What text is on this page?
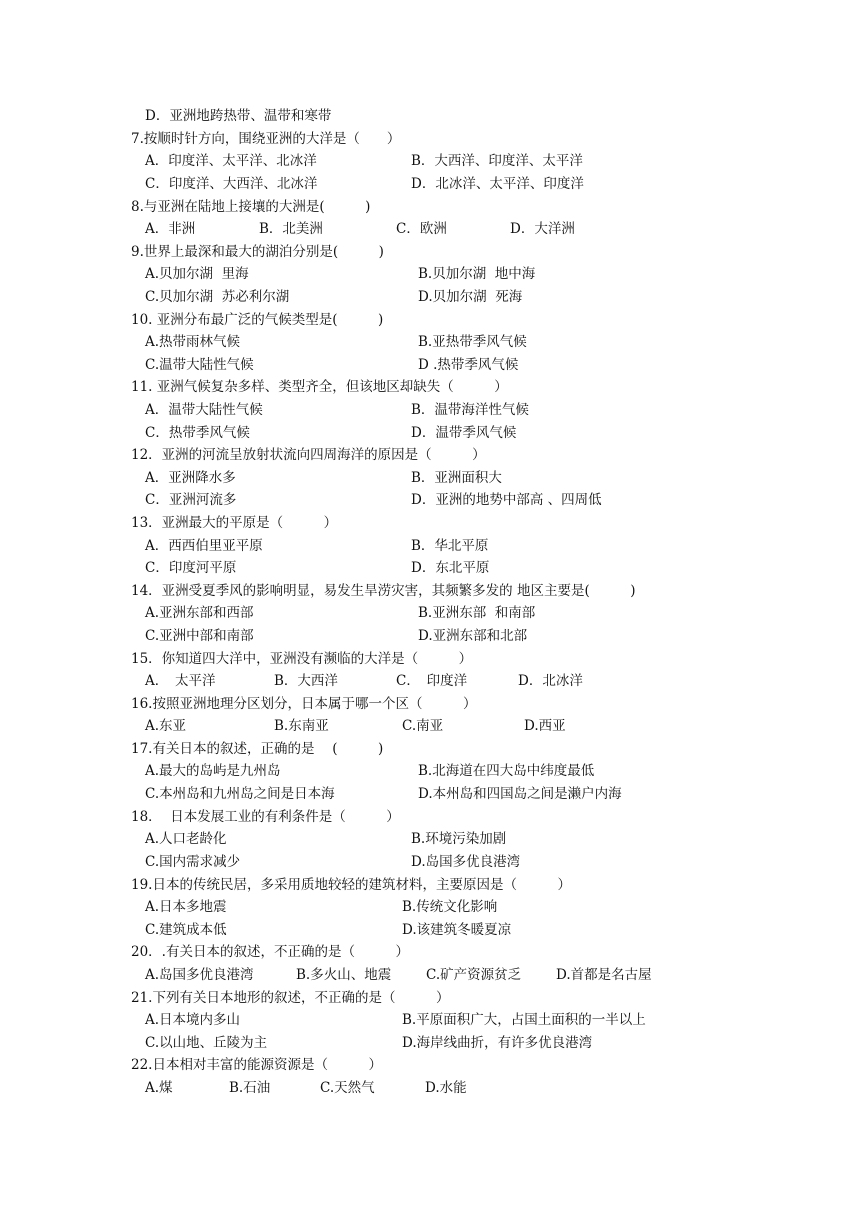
D．亚洲地跨热带、温带和寒带
7.按顺时针方向，围绕亚洲的大洋是（　　）
A．印度洋、太平洋、北冰洋	B．大西洋、印度洋、太平洋
C．印度洋、大西洋、北冰洋	D．北冰洋、太平洋、印度洋
8.与亚洲在陆地上接壤的大洲是(　　　)
A．非洲	B．北美洲	C．欧洲	D．大洋洲
9.世界上最深和最大的湖泊分别是(　　　)
A.贝加尔湖  里海	B.贝加尔湖  地中海
C.贝加尔湖  苏必利尔湖	D.贝加尔湖  死海
10. 亚洲分布最广泛的气候类型是(　　　)
A.热带雨林气候	B.亚热带季风气候
C.温带大陆性气候	D .热带季风气候
11. 亚洲气候复杂多样、类型齐全，但该地区却缺失（　　　）
A．温带大陆性气候	B．温带海洋性气候
C．热带季风气候	D．温带季风气候
12．亚洲的河流呈放射状流向四周海洋的原因是（　　　）
A．亚洲降水多	B．亚洲面积大
C．亚洲河流多	D．亚洲的地势中部高 、四周低
13．亚洲最大的平原是（　　　）
A．西西伯里亚平原	B．华北平原
C．印度河平原	D．东北平原
14．亚洲受夏季风的影响明显，易发生旱涝灾害，其频繁多发的 地区主要是(　　　)
A.亚洲东部和西部	B.亚洲东部  和南部
C.亚洲中部和南部	D.亚洲东部和北部
15．你知道四大洋中，亚洲没有濒临的大洋是（　　　）
A．　太平洋	B．大西洋	C．　印度洋	D．北冰洋
16.按照亚洲地理分区划分，日本属于哪一个区（　　　）
A.东亚	B.东南亚	C.南亚	D.西亚
17.有关日本的叙述，正确的是　 (　　　)
A.最大的岛屿是九州岛	B.北海道在四大岛中纬度最低
C.本州岛和九州岛之间是日本海	D.本州岛和四国岛之间是濑户内海
18．  日本发展工业的有利条件是（　　　）
A.人口老龄化	B.环境污染加剧
C.国内需求减少	D.岛国多优良港湾
19.日本的传统民居，多采用质地较轻的建筑材料，主要原因是（　　　）
A.日本多地震	B.传统文化影响
C.建筑成本低	D.该建筑冬暖夏凉
20．.有关日本的叙述，不正确的是（　　　）
A.岛国多优良港湾	B.多火山、地震	C.矿产资源贫乏	D.首都是名古屋
21.下列有关日本地形的叙述，不正确的是（　　　）
A.日本境内多山	B.平原面积广大，占国土面积的一半以上
C.以山地、丘陵为主	D.海岸线曲折，有许多优良港湾
22.日本相对丰富的能源资源是（　　　）
A.煤	B.石油	C.天然气	D.水能
